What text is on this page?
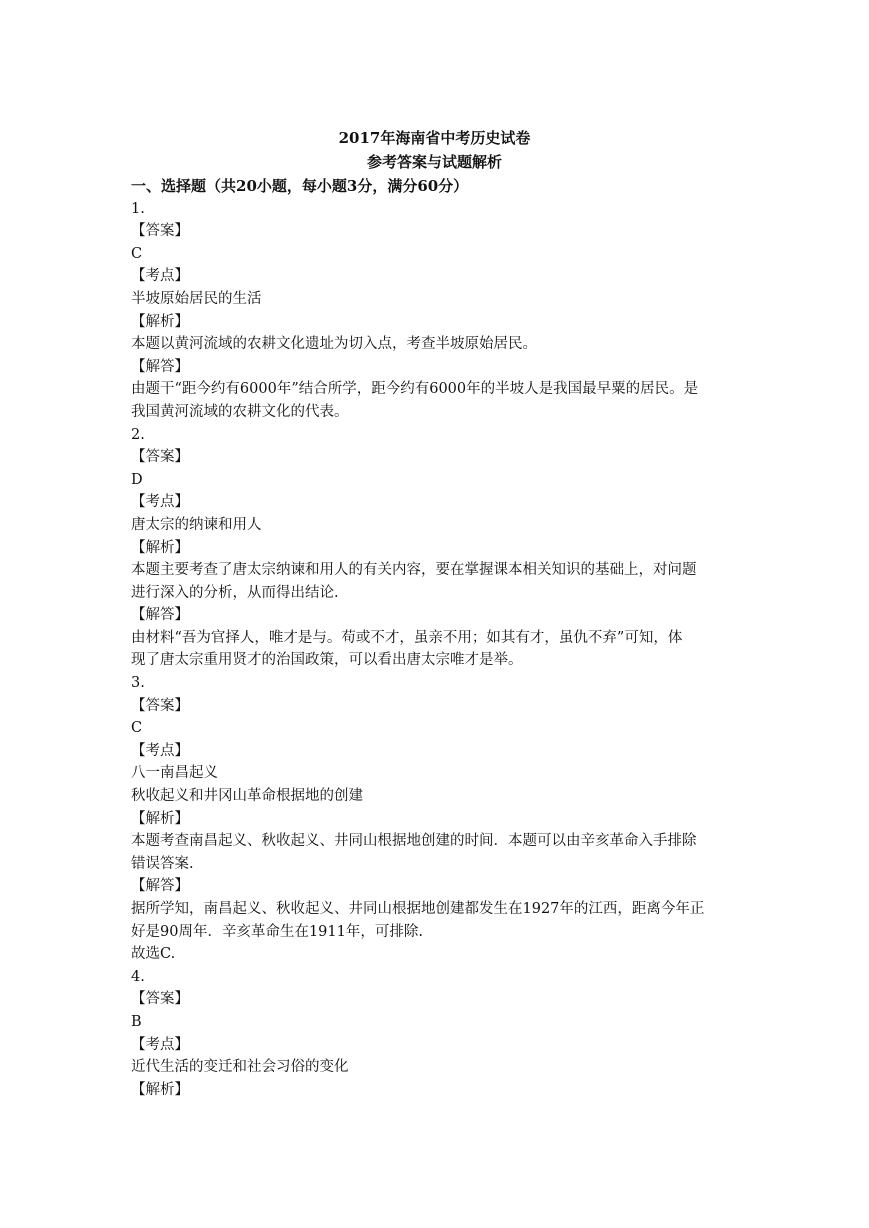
2017年海南省中考历史试卷
参考答案与试题解析

一、选择题（共20小题，每小题3分，满分60分）

1.

【答案】

C

【考点】

半坡原始居民的生活

【解析】

本题以黄河流域的农耕文化遗址为切入点，考查半坡原始居民。

【解答】

由题干“距今约有6000年”结合所学，距今约有6000年的半坡人是我国最早粟的居民。是

我国黄河流域的农耕文化的代表。

2.

【答案】

D

【考点】

唐太宗的纳谏和用人

【解析】

本题主要考查了唐太宗纳谏和用人的有关内容，要在掌握课本相关知识的基础上，对问题

进行深入的分析，从而得出结论.

【解答】

由材料“吾为官择人，唯才是与。苟或不才，虽亲不用；如其有才，虽仇不弃”可知，体

现了唐太宗重用贤才的治国政策，可以看出唐太宗唯才是举。

3.

【答案】

C

【考点】

八一南昌起义

秋收起义和井冈山革命根据地的创建

【解析】

本题考查南昌起义、秋收起义、井同山根据地创建的时间．本题可以由辛亥革命入手排除

错误答案.

【解答】

据所学知，南昌起义、秋收起义、井同山根据地创建都发生在1927年的江西，距离今年正

好是90周年．辛亥革命生在1911年，可排除.

故选C.

4.

【答案】

B

【考点】

近代生活的变迁和社会习俗的变化

【解析】
